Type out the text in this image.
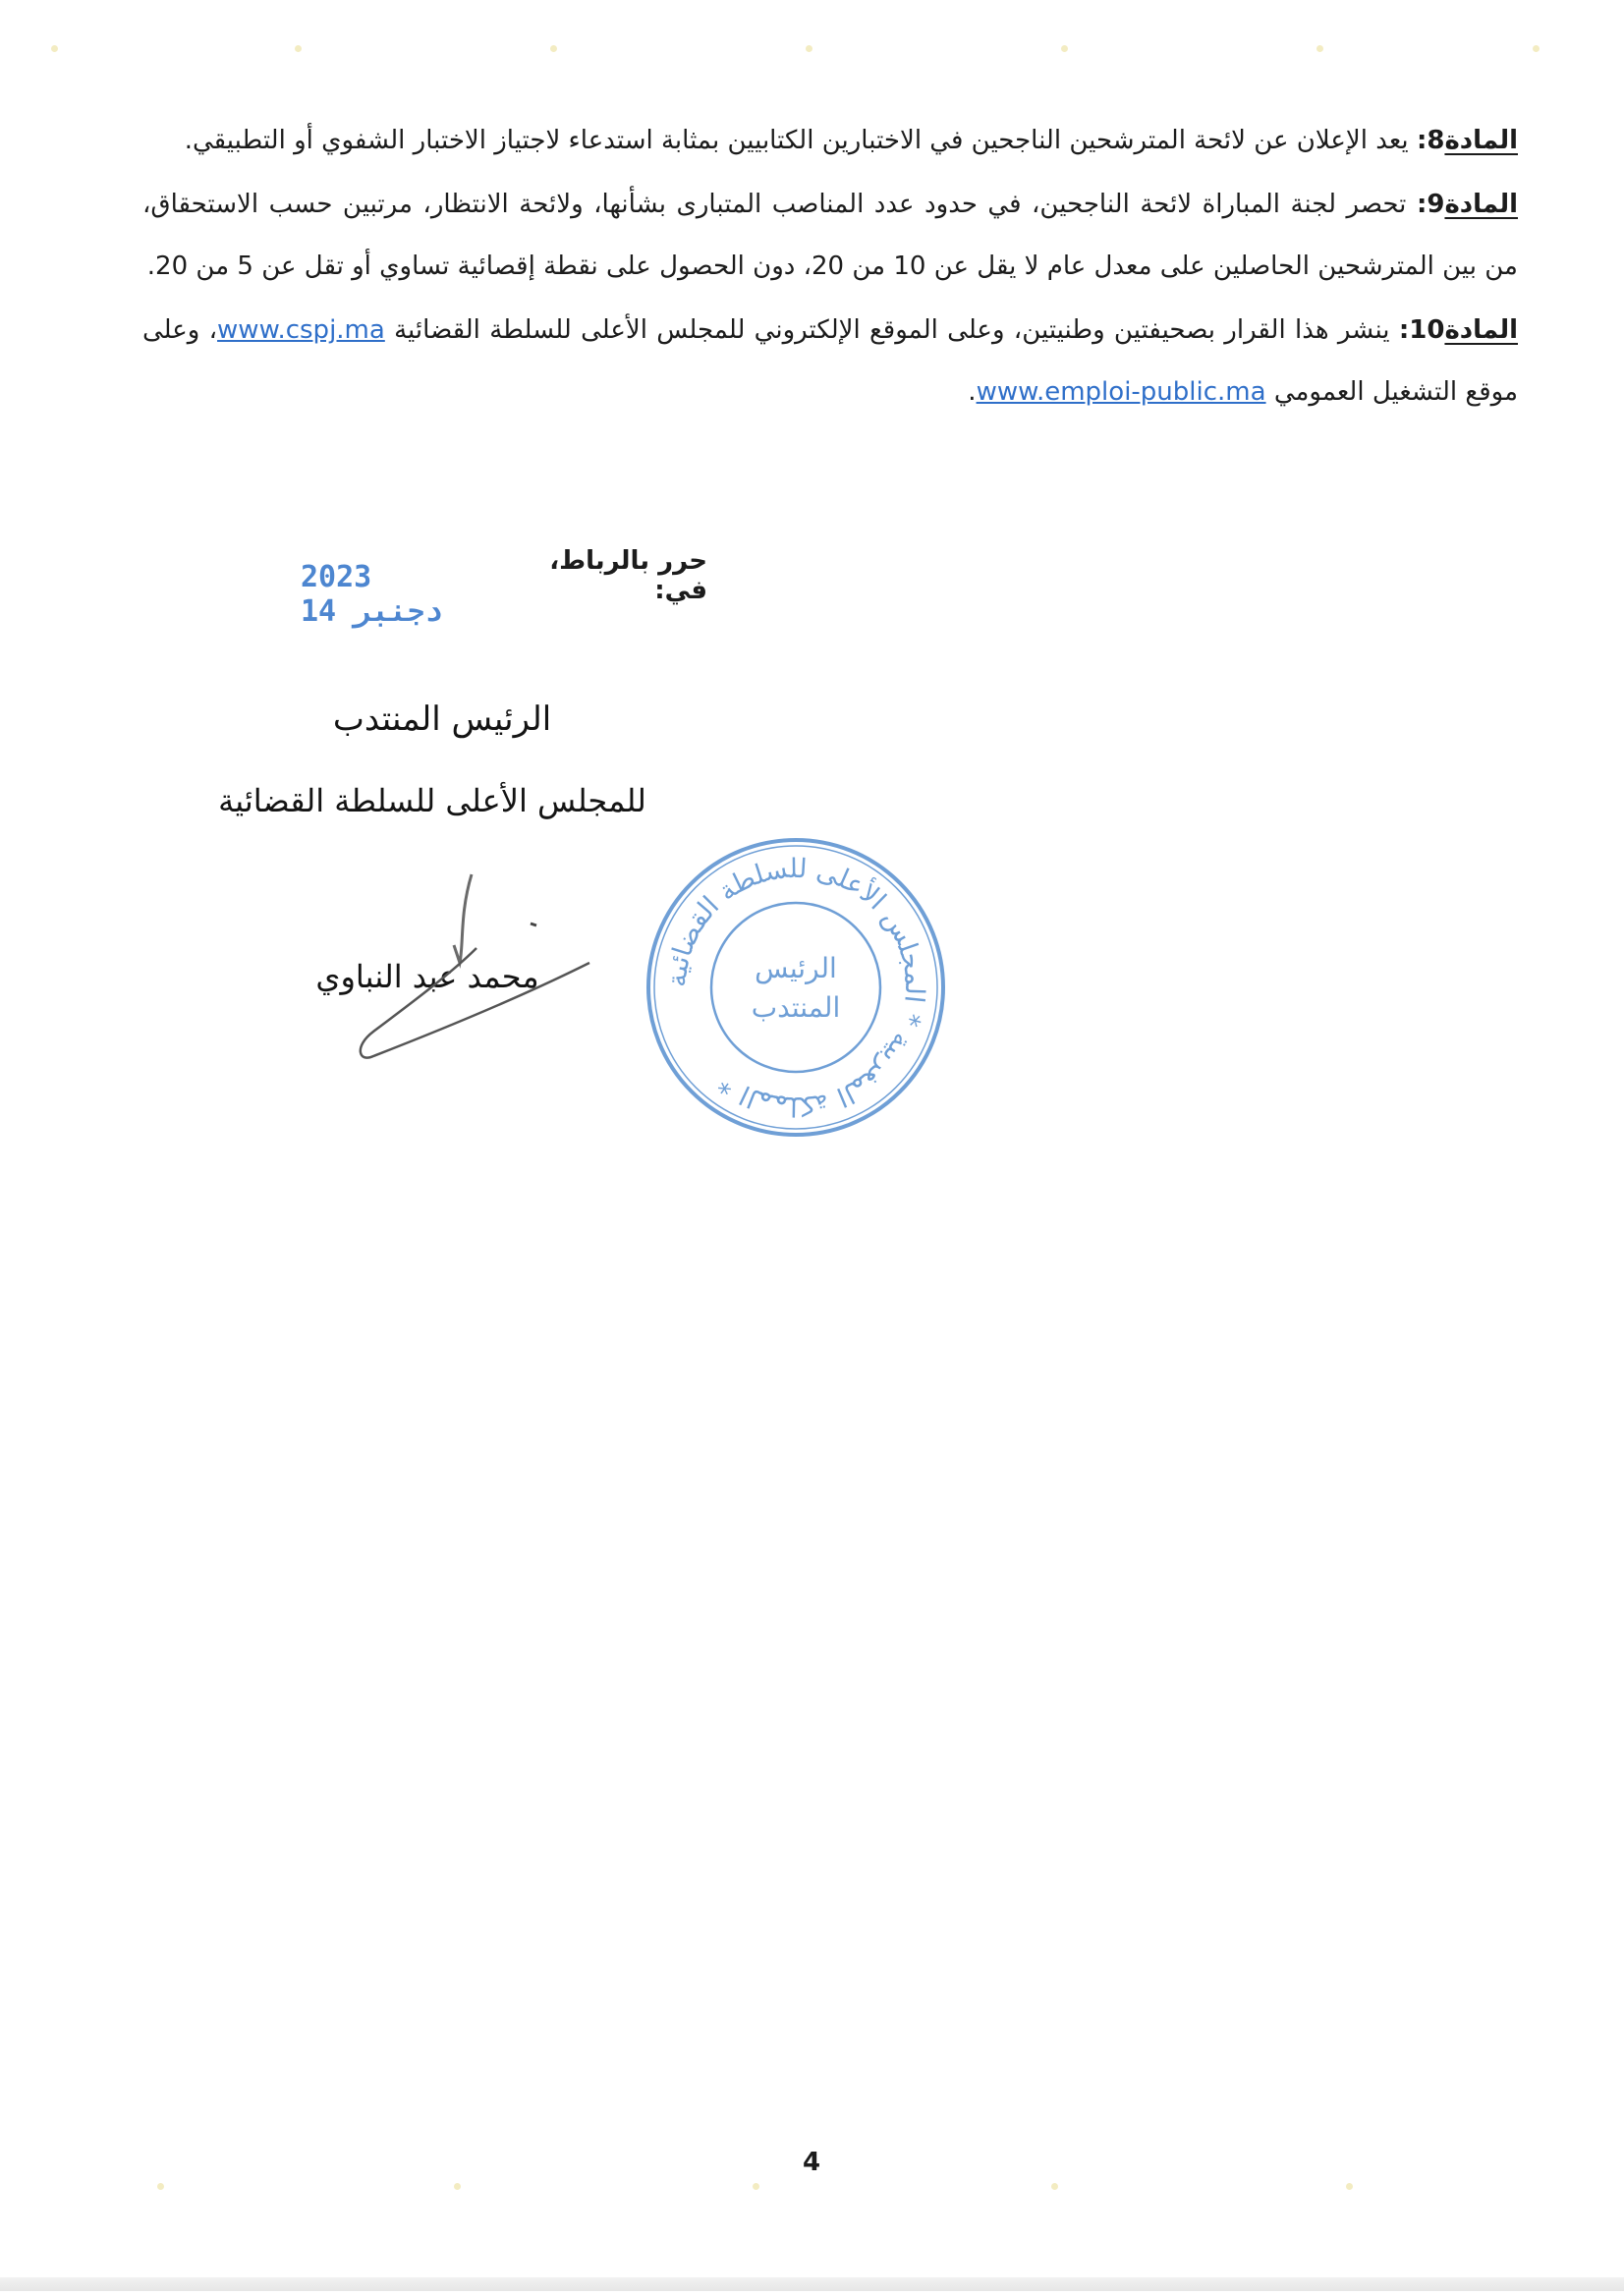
المادة8: يعد الإعلان عن لائحة المترشحين الناجحين في الاختبارين الكتابيين بمثابة استدعاء لاجتياز الاختبار الشفوي أو التطبيقي.

المادة9: تحصر لجنة المباراة لائحة الناجحين، في حدود عدد المناصب المتبارى بشأنها، ولائحة الانتظار، مرتبين حسب الاستحقاق، من بين المترشحين الحاصلين على معدل عام لا يقل عن 10 من 20، دون الحصول على نقطة إقصائية تساوي أو تقل عن 5 من 20.

المادة10: ينشر هذا القرار بصحيفتين وطنيتين، وعلى الموقع الإلكتروني للمجلس الأعلى للسلطة القضائية www.cspj.ma، وعلى موقع التشغيل العمومي www.emploi-public.ma.

حرر بالرباط، في:
2023 دجنبر 14
الرئيس المنتدب
للمجلس الأعلى للسلطة القضائية
محمد عبد النباوي	المملكة المغربية * المجلس الأعلى للسلطة القضائية *
الرئيس
المنتدب
4
